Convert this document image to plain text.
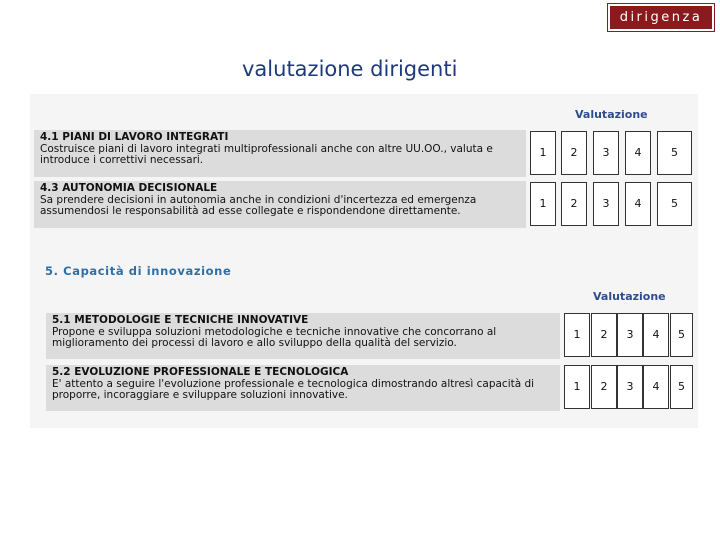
dirigenza
valutazione dirigenti
Valutazione
4.1 PIANI DI LAVORO INTEGRATI
Costruisce piani di lavoro integrati multiprofessionali anche con altre UU.OO., valuta e introduce i correttivi necessari.
1	2	3	4	5
4.3 AUTONOMIA DECISIONALE
Sa prendere decisioni in autonomia anche in condizioni d'incertezza ed emergenza assumendosi le responsabilità ad esse collegate e rispondendone direttamente.
1	2	3	4	5
5. Capacità di innovazione
Valutazione
5.1 METODOLOGIE E TECNICHE INNOVATIVE
Propone e sviluppa soluzioni metodologiche e tecniche innovative che concorrano al miglioramento dei processi di lavoro e allo sviluppo della qualità del servizio.
1	2	3	4	5
5.2 EVOLUZIONE PROFESSIONALE E TECNOLOGICA
E' attento a seguire l'evoluzione professionale e tecnologica dimostrando altresì capacità di proporre, incoraggiare e sviluppare soluzioni innovative.
1	2	3	4	5
